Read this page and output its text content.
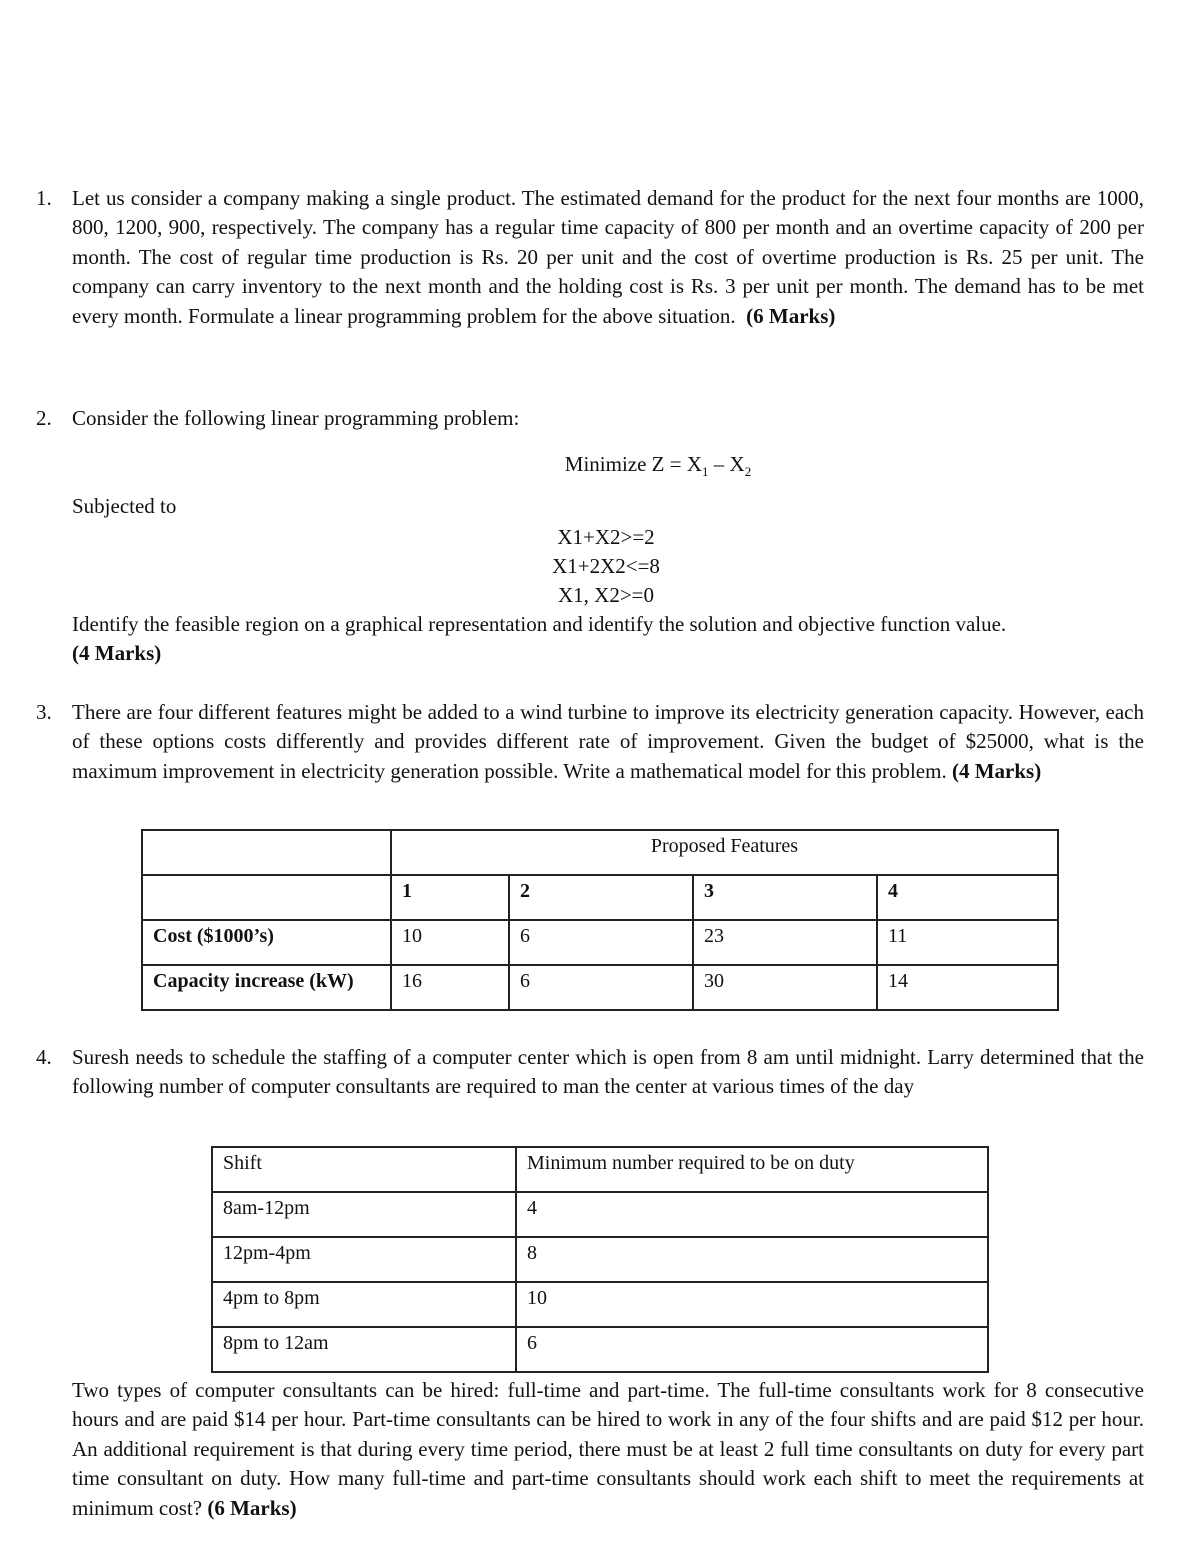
1. Let us consider a company making a single product. The estimated demand for the product for the next four months are 1000, 800, 1200, 900, respectively. The company has a regular time capacity of 800 per month and an overtime capacity of 200 per month. The cost of regular time production is Rs. 20 per unit and the cost of overtime production is Rs. 25 per unit. The company can carry inventory to the next month and the holding cost is Rs. 3 per unit per month. The demand has to be met every month. Formulate a linear programming problem for the above situation. (6 Marks)
2. Consider the following linear programming problem:
Minimize $Z = X_1 - X_2$
Subjected to
X1+X2>=2
X1+2X2<=8
X1, X2>=0
Identify the feasible region on a graphical representation and identify the solution and objective function value.
(4 Marks)
3. There are four different features might be added to a wind turbine to improve its electricity generation capacity. However, each of these options costs differently and provides different rate of improvement. Given the budget of $25000, what is the maximum improvement in electricity generation possible. Write a mathematical model for this problem. (4 Marks)
	Proposed Features			
	1	2	3	4
Cost ($1000’s)	10	6	23	11
Capacity increase (kW)	16	6	30	14
4. Suresh needs to schedule the staffing of a computer center which is open from 8 am until midnight. Larry determined that the following number of computer consultants are required to man the center at various times of the day
Shift	Minimum number required to be on duty
8am-12pm	4
12pm-4pm	8
4pm to 8pm	10
8pm to 12am	6
Two types of computer consultants can be hired: full-time and part-time. The full-time consultants work for 8 consecutive hours and are paid $14 per hour. Part-time consultants can be hired to work in any of the four shifts and are paid $12 per hour. An additional requirement is that during every time period, there must be at least 2 full time consultants on duty for every part time consultant on duty. How many full-time and part-time consultants should work each shift to meet the requirements at minimum cost? (6 Marks)
